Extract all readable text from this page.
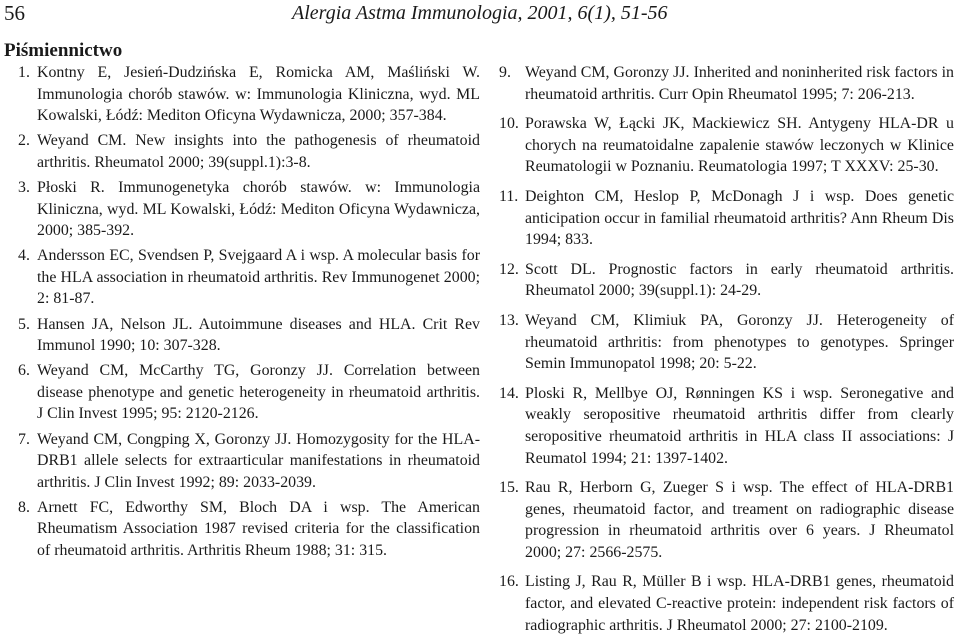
56	Alergia Astma Immunologia, 2001, 6(1), 51-56
Piśmiennictwo

1. Kontny E, Jesień-Dudzińska E, Romicka AM, Maśliński W. Immunologia chorób stawów. w: Immunologia Kliniczna, wyd. ML Kowalski, Łódź: Mediton Oficyna Wydawnicza, 2000; 357-384.

2. Weyand CM. New insights into the pathogenesis of rheumatoid arthritis. Rheumatol 2000; 39(suppl.1):3-8.

3. Płoski R. Immunogenetyka chorób stawów. w: Immunologia Kliniczna, wyd. ML Kowalski, Łódź: Mediton Oficyna Wydawnicza, 2000; 385-392.

4. Andersson EC, Svendsen P, Svejgaard A i wsp. A molecular basis for the HLA association in rheumatoid arthritis. Rev Immunogenet 2000; 2: 81-87.

5. Hansen JA, Nelson JL. Autoimmune diseases and HLA. Crit Rev Immunol 1990; 10: 307-328.

6. Weyand CM, McCarthy TG, Goronzy JJ. Correlation between disease phenotype and genetic heterogeneity in rheumatoid arthritis. J Clin Invest 1995; 95: 2120-2126.

7. Weyand CM, Congping X, Goronzy JJ. Homozygosity for the HLA-DRB1 allele selects for extraarticular manifestations in rheumatoid arthritis. J Clin Invest 1992; 89: 2033-2039.

8. Arnett FC, Edworthy SM, Bloch DA i wsp. The American Rheumatism Association 1987 revised criteria for the classification of rheumatoid arthritis. Arthritis Rheum 1988; 31: 315.

9. Weyand CM, Goronzy JJ. Inherited and noninherited risk factors in rheumatoid arthritis. Curr Opin Rheumatol 1995; 7: 206-213.

10. Porawska W, Łącki JK, Mackiewicz SH. Antygeny HLA-DR u chorych na reumatoidalne zapalenie stawów leczonych w Klinice Reumatologii w Poznaniu. Reumatologia 1997; T XXXV: 25-30.

11. Deighton CM, Heslop P, McDonagh J i wsp. Does genetic anticipation occur in familial rheumatoid arthritis? Ann Rheum Dis 1994; 833.

12. Scott DL. Prognostic factors in early rheumatoid arthritis. Rheumatol 2000; 39(suppl.1): 24-29.

13. Weyand CM, Klimiuk PA, Goronzy JJ. Heterogeneity of rheumatoid arthritis: from phenotypes to genotypes. Springer Semin Immunopatol 1998; 20: 5-22.

14. Ploski R, Mellbye OJ, Rønningen KS i wsp. Seronegative and weakly seropositive rheumatoid arthritis differ from clearly seropositive rheumatoid arthritis in HLA class II associations: J Reumatol 1994; 21: 1397-1402.

15. Rau R, Herborn G, Zueger S i wsp. The effect of HLA-DRB1 genes, rheumatoid factor, and treament on radiographic disease progression in rheumatoid arthritis over 6 years. J Rheumatol 2000; 27: 2566-2575.

16. Listing J, Rau R, Müller B i wsp. HLA-DRB1 genes, rheumatoid factor, and elevated C-reactive protein: independent risk factors of radiographic arthritis. J Rheumatol 2000; 27: 2100-2109.
